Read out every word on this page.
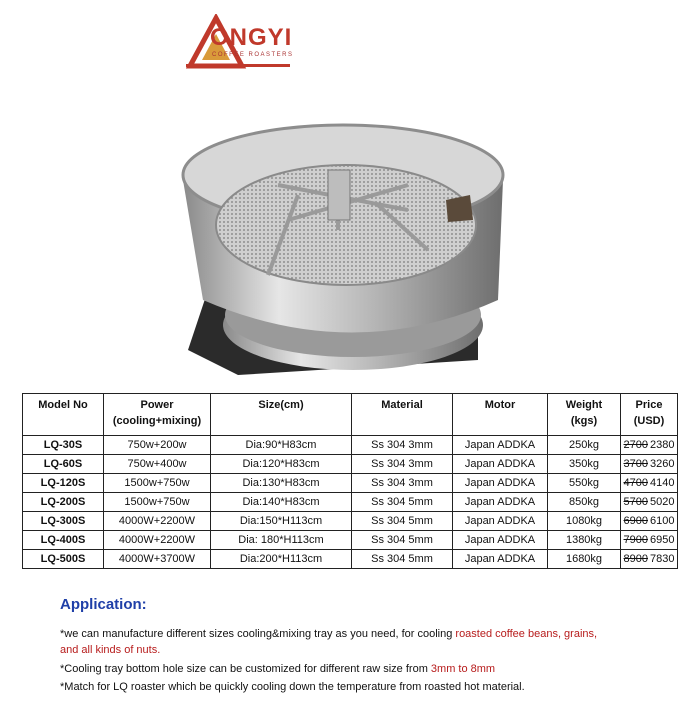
ONGYI
COFFEE ROASTERS
Model No	Power
(cooling+mixing)	Size(cm)	Material	Motor	Weight
(kgs)	Price
(USD)
LQ-30S	750w+200w	Dia:90*H83cm	Ss 304 3mm	Japan ADDKA	250kg	2700 2380
LQ-60S	750w+400w	Dia:120*H83cm	Ss 304 3mm	Japan ADDKA	350kg	3700 3260
LQ-120S	1500w+750w	Dia:130*H83cm	Ss 304 3mm	Japan ADDKA	550kg	4700 4140
LQ-200S	1500w+750w	Dia:140*H83cm	Ss 304 5mm	Japan ADDKA	850kg	5700 5020
LQ-300S	4000W+2200W	Dia:150*H113cm	Ss 304 5mm	Japan ADDKA	1080kg	6900 6100
LQ-400S	4000W+2200W	Dia: 180*H113cm	Ss 304 5mm	Japan ADDKA	1380kg	7900 6950
LQ-500S	4000W+3700W	Dia:200*H113cm	Ss 304 5mm	Japan ADDKA	1680kg	8900 7830
Application:
*we can manufacture different sizes cooling&mixing tray as you need, for cooling roasted coffee beans, grains,
and all kinds of nuts.
*Cooling tray bottom hole size can be customized for different raw size from 3mm to 8mm
*Match for LQ roaster which be quickly cooling down the temperature from roasted hot material.
